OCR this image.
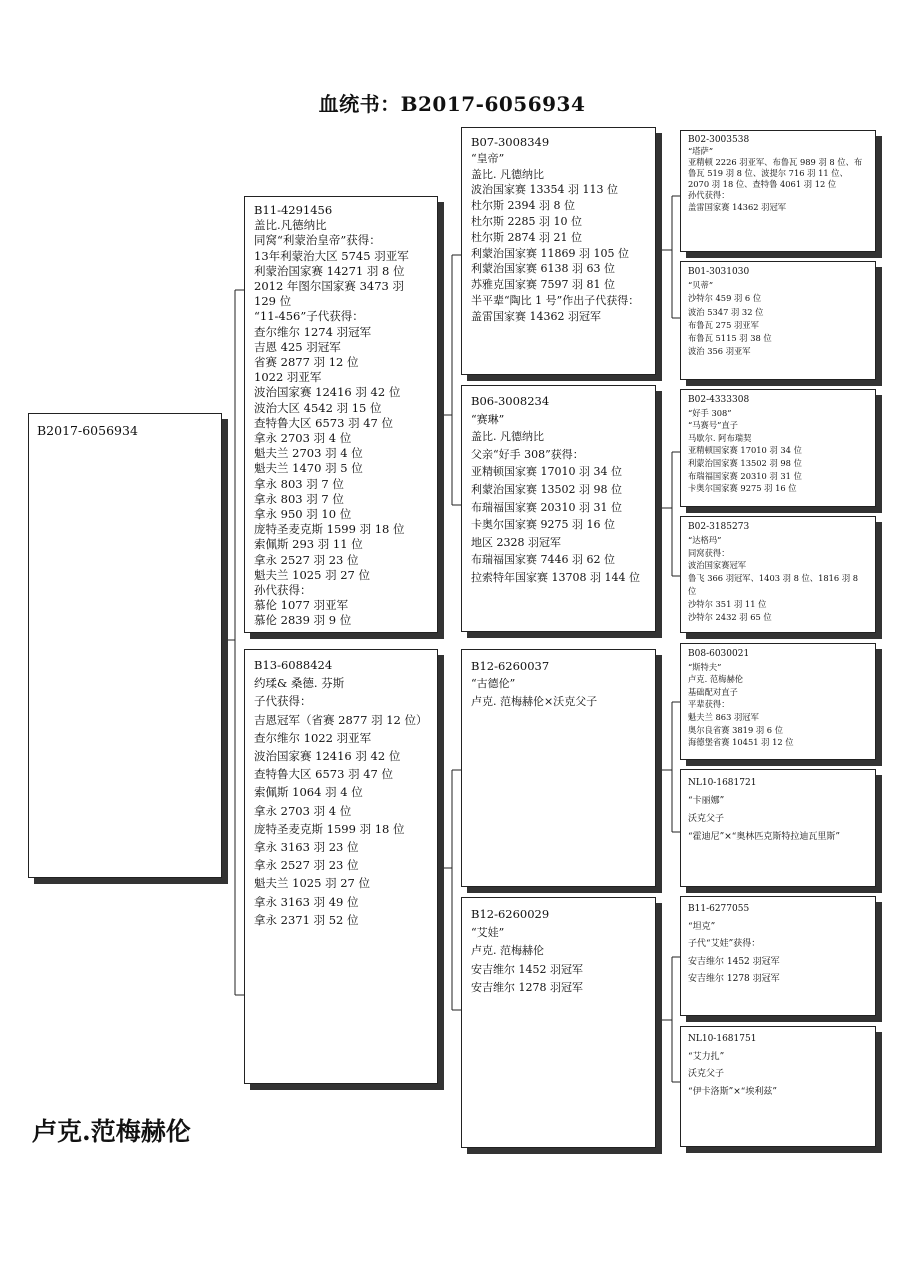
血统书：B2017-6056934
B2017-6056934
B11-4291456
盖比.凡德纳比
同窝“利蒙治皇帝”获得：
13年利蒙治大区 5745 羽亚军
利蒙治国家赛 14271 羽 8 位
2012 年图尔国家赛 3473 羽 129 位
“11-456”子代获得：
查尔维尔 1274 羽冠军
吉恩 425 羽冠军
省赛 2877 羽 12 位
1022 羽亚军
波治国家赛 12416 羽 42 位
波治大区 4542 羽 15 位
查特鲁大区 6573 羽 47 位
拿永 2703 羽 4 位
魁夫兰 2703 羽 4 位
魁夫兰 1470 羽 5 位
拿永 803 羽 7 位
拿永 803 羽 7 位
拿永 950 羽 10 位
庞特圣麦克斯 1599 羽 18 位
索佩斯 293 羽 11 位
拿永 2527 羽 23 位
魁夫兰 1025 羽 27 位
孙代获得：
慕伦 1077 羽亚军
慕伦 2839 羽 9 位
B13-6088424
约瑈& 桑德. 芬斯
子代获得：
吉恩冠军（省赛 2877 羽 12 位）
查尔维尔 1022 羽亚军
波治国家赛 12416 羽 42 位
查特鲁大区 6573 羽 47 位
索佩斯 1064 羽 4 位
拿永 2703 羽 4 位
庞特圣麦克斯 1599 羽 18 位
拿永 3163 羽 23 位
拿永 2527 羽 23 位
魁夫兰 1025 羽 27 位
拿永 3163 羽 49 位
拿永 2371 羽 52 位
B07-3008349
“皇帝”
盖比. 凡德纳比
波治国家赛 13354 羽 113 位
杜尔斯 2394 羽 8 位
杜尔斯 2285 羽 10 位
杜尔斯 2874 羽 21 位
利蒙治国家赛 11869 羽 105 位
利蒙治国家赛 6138 羽 63 位
苏雅克国家赛 7597 羽 81 位
半平辈“陶比 1 号”作出子代获得：
盖雷国家赛 14362 羽冠军
B06-3008234
“赛琳”
盖比. 凡德纳比
父亲“好手 308”获得：
亚精顿国家赛 17010 羽 34 位
利蒙治国家赛 13502 羽 98 位
布瑞福国家赛 20310 羽 31 位
卡奥尔国家赛 9275 羽 16 位
地区 2328 羽冠军
布瑞福国家赛 7446 羽 62 位
拉索特年国家赛 13708 羽 144 位
B12-6260037
“古德伦”
卢克. 范梅赫伦×沃克父子
B12-6260029
“艾娃”
卢克. 范梅赫伦
安吉维尔 1452 羽冠军
安吉维尔 1278 羽冠军
B02-3003538
“塔萨”
亚精顿 2226 羽亚军、布鲁瓦 989 羽 8 位、布鲁瓦 519 羽 8 位、波提尔 716 羽 11 位、2070 羽 18 位、查特鲁 4061 羽 12 位
孙代获得：
盖雷国家赛 14362 羽冠军
B01-3031030
“贝蒂”
沙特尔 459 羽 6 位
波治 5347 羽 32 位
布鲁瓦 275 羽亚军
布鲁瓦 5115 羽 38 位
波治 356 羽亚军
B02-4333308
“好手 308”
“马赛号”直子
马歇尔. 阿布瑞契
亚精顿国家赛 17010 羽 34 位
利蒙治国家赛 13502 羽 98 位
布瑞福国家赛 20310 羽 31 位
卡奥尔国家赛 9275 羽 16 位
B02-3185273
“达格玛”
同窝获得：
波治国家赛冠军
鲁飞 366 羽冠军、1403 羽 8 位、1816 羽 8 位
沙特尔 351 羽 11 位
沙特尔 2432 羽 65 位
B08-6030021
“斯特夫”
卢克. 范梅赫伦
基础配对直子
平辈获得：
魁夫兰 863 羽冠军
奥尔良省赛 3819 羽 6 位
海德堡省赛 10451 羽 12 位
NL10-1681721
“卡丽娜”
沃克父子
“霍迪尼”×“奥林匹克斯特拉迪瓦里斯”
B11-6277055
“坦克”
子代“艾娃”获得：
安吉维尔 1452 羽冠军
安吉维尔 1278 羽冠军
NL10-1681751
“艾力扎”
沃克父子
“伊卡洛斯”×“埃利兹”
卢克.范梅赫伦
